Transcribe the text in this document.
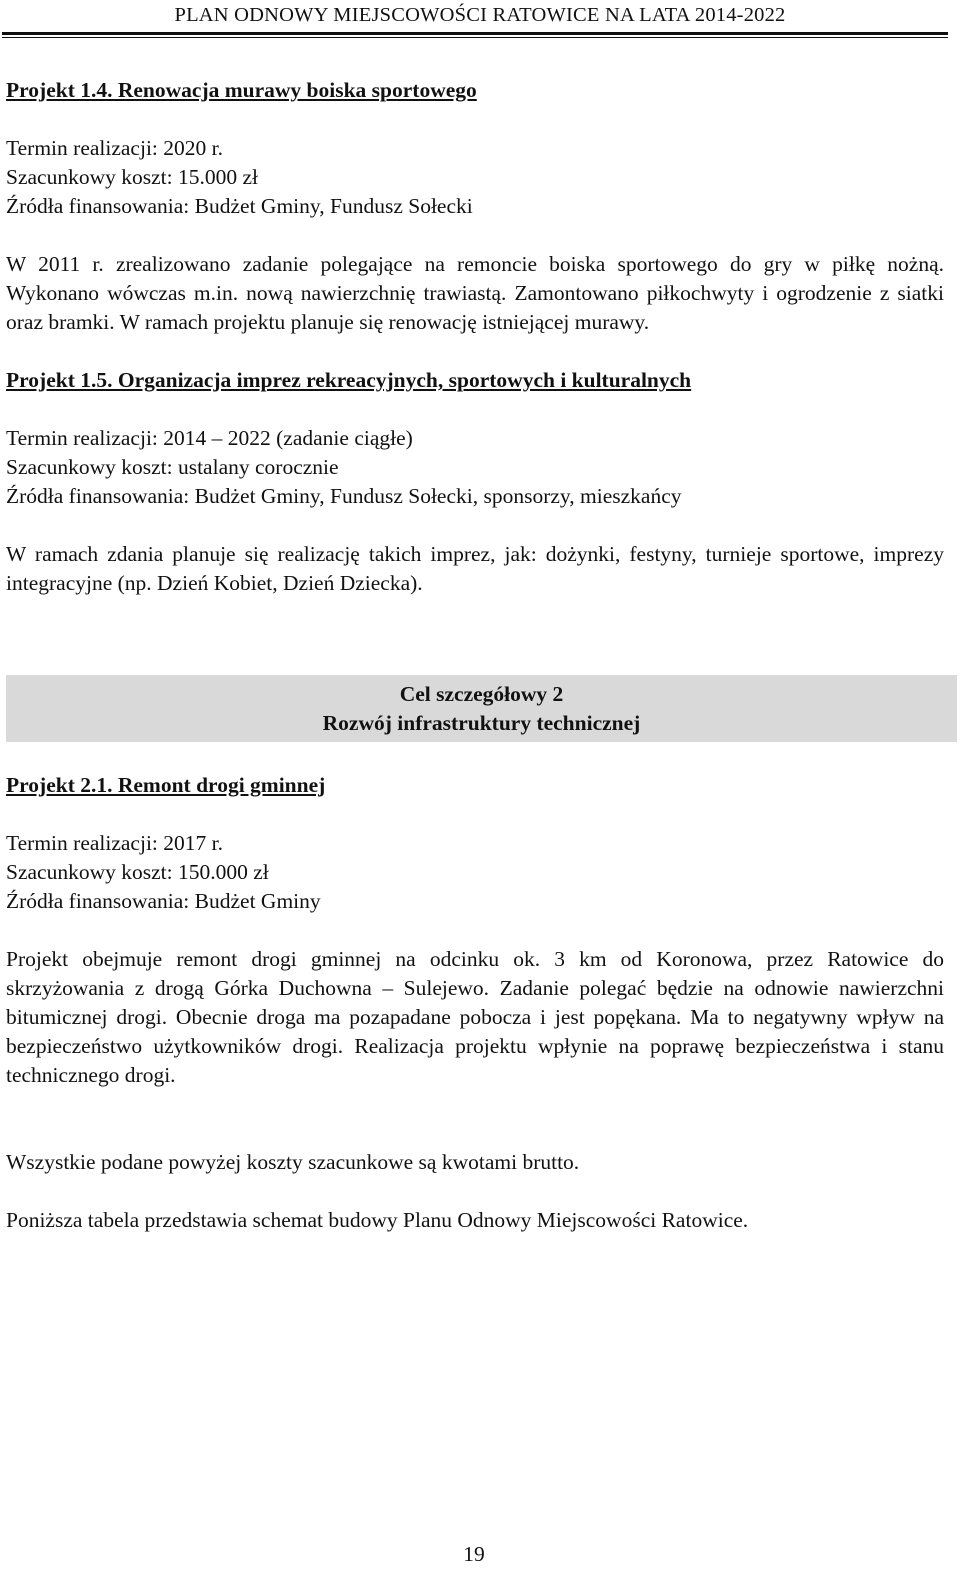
PLAN ODNOWY MIEJSCOWOŚCI RATOWICE NA LATA 2014-2022

Projekt 1.4. Renowacja murawy boiska sportowego

Termin realizacji: 2020 r.

Szacunkowy koszt: 15.000 zł

Źródła finansowania: Budżet Gminy, Fundusz Sołecki

W 2011 r. zrealizowano zadanie polegające na remoncie boiska sportowego do gry w piłkę nożną. Wykonano wówczas m.in. nową nawierzchnię trawiastą. Zamontowano piłkochwyty i ogrodzenie z siatki oraz bramki. W ramach projektu planuje się renowację istniejącej murawy.

Projekt 1.5. Organizacja imprez rekreacyjnych, sportowych i kulturalnych

Termin realizacji: 2014 – 2022 (zadanie ciągłe)

Szacunkowy koszt: ustalany corocznie

Źródła finansowania: Budżet Gminy, Fundusz Sołecki, sponsorzy, mieszkańcy

W ramach zdania planuje się realizację takich imprez, jak: dożynki, festyny, turnieje sportowe, imprezy integracyjne (np. Dzień Kobiet, Dzień Dziecka).

Cel szczegółowy 2
Rozwój infrastruktury technicznej

Projekt 2.1. Remont drogi gminnej

Termin realizacji: 2017 r.

Szacunkowy koszt: 150.000 zł

Źródła finansowania: Budżet Gminy

Projekt obejmuje remont drogi gminnej na odcinku ok. 3 km od Koronowa, przez Ratowice do skrzyżowania z drogą Górka Duchowna – Sulejewo. Zadanie polegać będzie na odnowie nawierzchni bitumicznej drogi. Obecnie droga ma pozapadane pobocza i jest popękana. Ma to negatywny wpływ na bezpieczeństwo użytkowników drogi. Realizacja projektu wpłynie na poprawę bezpieczeństwa i stanu technicznego drogi.

Wszystkie podane powyżej koszty szacunkowe są kwotami brutto.

Poniższa tabela przedstawia schemat budowy Planu Odnowy Miejscowości Ratowice.

19
